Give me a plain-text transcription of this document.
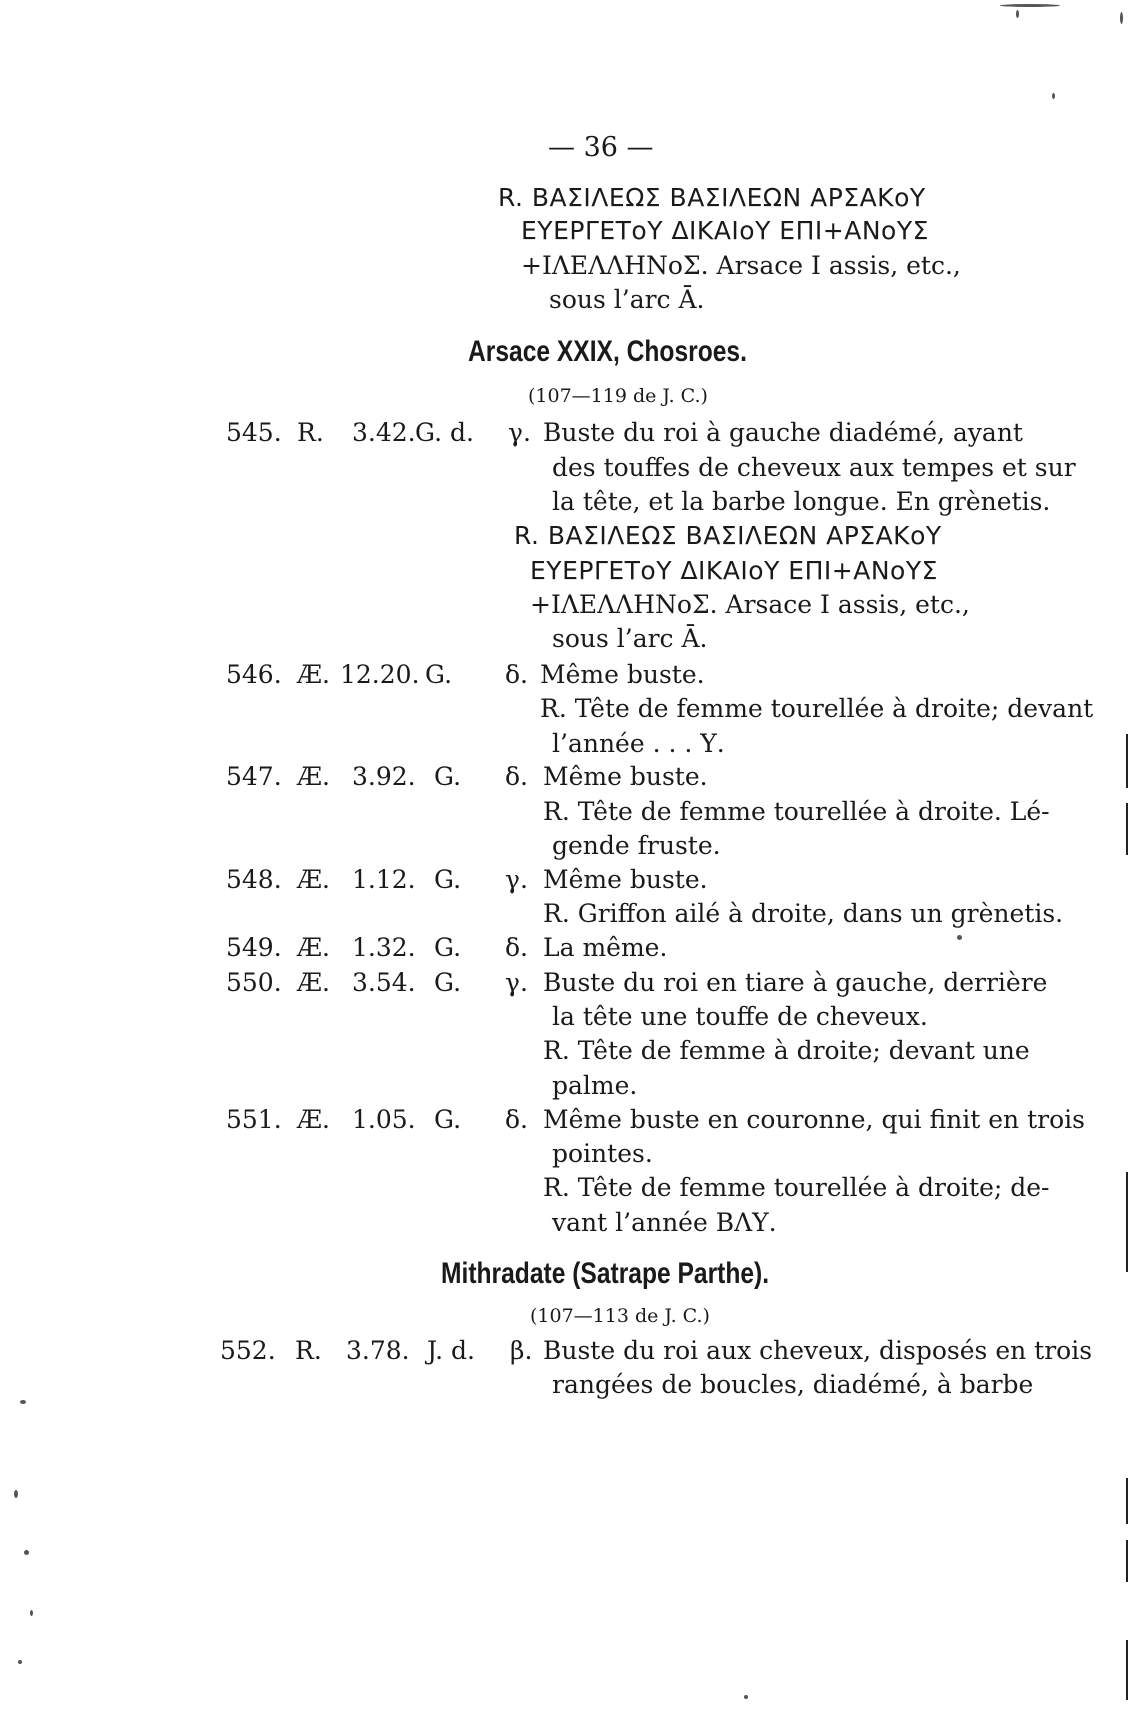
— 36 —
R. ΒΑΣΙΛΕΩΣ ΒΑΣΙΛΕΩΝ ΑΡΣΑΚοΥ
ΕΥΕΡΓΕΤοΥ ΔΙΚΑΙοΥ ΕΠΙ+ΑΝοΥΣ
+ΙΛΕΛΛΗΝοΣ. Arsace I assis, etc.,
sous l’arc Ā.
Arsace XXIX, Chosroes.
(107—119 de J. C.)
545. R. 3.42. G. d. γ. Buste du roi à gauche diadémé, ayant
des touffes de cheveux aux tempes et sur
la tête, et la barbe longue. En grènetis.
R. ΒΑΣΙΛΕΩΣ ΒΑΣΙΛΕΩΝ ΑΡΣΑΚοΥ
ΕΥΕΡΓΕΤοΥ ΔΙΚΑΙοΥ ΕΠΙ+ΑΝοΥΣ
+ΙΛΕΛΛΗΝοΣ. Arsace I assis, etc.,
sous l’arc Ā.
546. Æ. 12.20. G. δ. Même buste.
R. Tête de femme tourellée à droite; devant
l’année . . . Υ.
547. Æ. 3.92. G. δ. Même buste.
R. Tête de femme tourellée à droite. Lé-
gende fruste.
548. Æ. 1.12. G. γ. Même buste.
R. Griffon ailé à droite, dans un grènetis.
549. Æ. 1.32. G. δ. La même.
550. Æ. 3.54. G. γ. Buste du roi en tiare à gauche, derrière
la tête une touffe de cheveux.
R. Tête de femme à droite; devant une
palme.
551. Æ. 1.05. G. δ. Même buste en couronne, qui finit en trois
pointes.
R. Tête de femme tourellée à droite; de-
vant l’année ΒΛΥ.
Mithradate (Satrape Parthe).
(107—113 de J. C.)
552. R. 3.78. J. d. β. Buste du roi aux cheveux, disposés en trois
rangées de boucles, diadémé, à barbe
